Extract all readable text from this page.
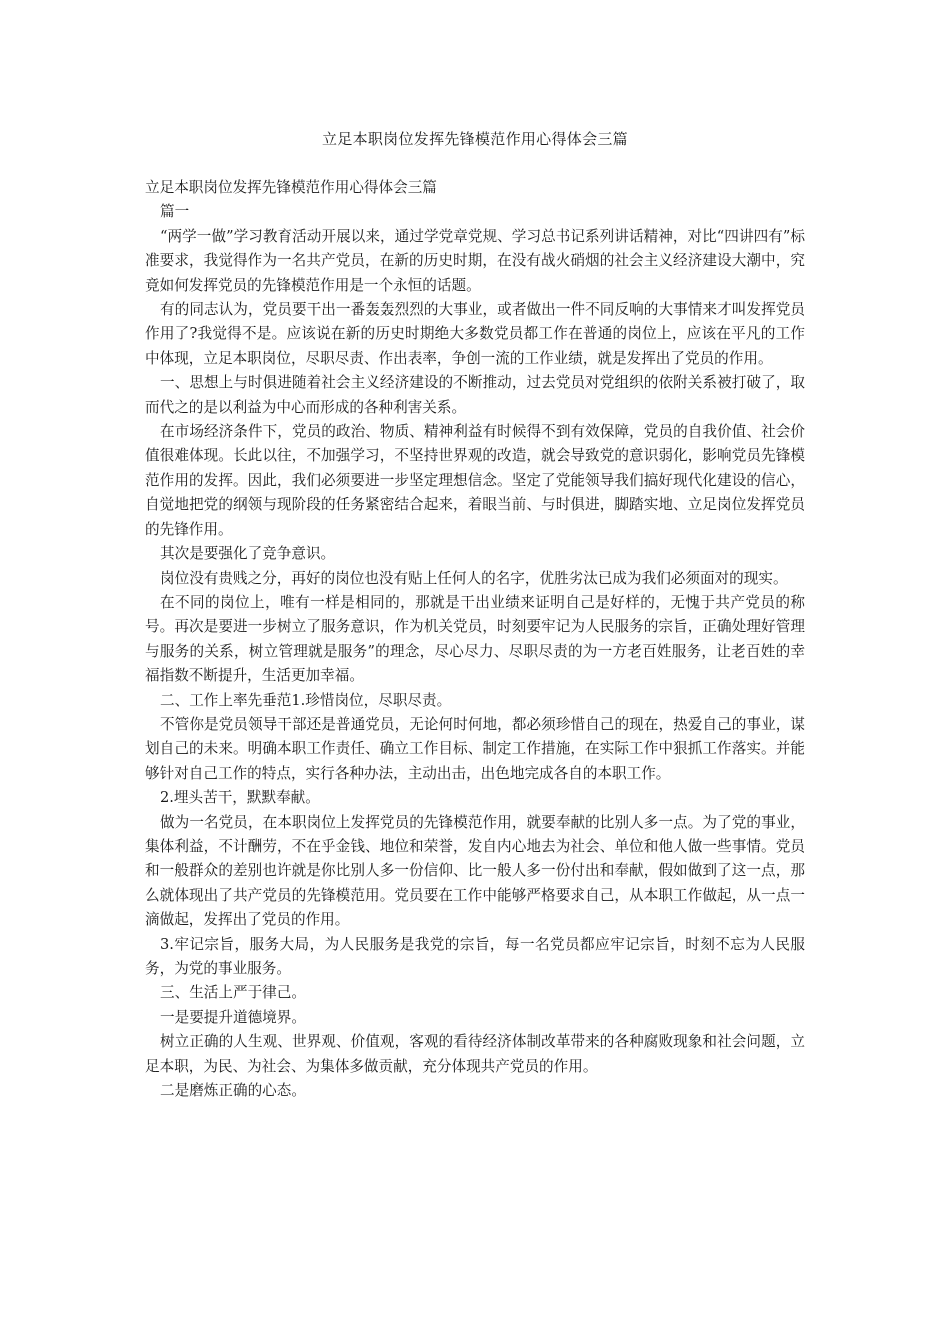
立足本职岗位发挥先锋模范作用心得体会三篇

立足本职岗位发挥先锋模范作用心得体会三篇

篇一

“两学一做”学习教育活动开展以来，通过学党章党规、学习总书记系列讲话精神，对比“四讲四有”标准要求，我觉得作为一名共产党员，在新的历史时期，在没有战火硝烟的社会主义经济建设大潮中，究竟如何发挥党员的先锋模范作用是一个永恒的话题。

有的同志认为，党员要干出一番轰轰烈烈的大事业，或者做出一件不同反响的大事情来才叫发挥党员作用了?我觉得不是。应该说在新的历史时期绝大多数党员都工作在普通的岗位上，应该在平凡的工作中体现，立足本职岗位，尽职尽责、作出表率，争创一流的工作业绩，就是发挥出了党员的作用。

一、思想上与时俱进随着社会主义经济建设的不断推动，过去党员对党组织的依附关系被打破了，取而代之的是以利益为中心而形成的各种利害关系。

在市场经济条件下，党员的政治、物质、精神利益有时候得不到有效保障，党员的自我价值、社会价值很难体现。长此以往，不加强学习，不坚持世界观的改造，就会导致党的意识弱化，影响党员先锋模范作用的发挥。因此，我们必须要进一步坚定理想信念。坚定了党能领导我们搞好现代化建设的信心，自觉地把党的纲领与现阶段的任务紧密结合起来，着眼当前、与时俱进，脚踏实地、立足岗位发挥党员的先锋作用。

其次是要强化了竞争意识。

岗位没有贵贱之分，再好的岗位也没有贴上任何人的名字，优胜劣汰已成为我们必须面对的现实。

在不同的岗位上，唯有一样是相同的，那就是干出业绩来证明自己是好样的，无愧于共产党员的称号。再次是要进一步树立了服务意识，作为机关党员，时刻要牢记为人民服务的宗旨，正确处理好管理与服务的关系，树立管理就是服务”的理念，尽心尽力、尽职尽责的为一方老百姓服务，让老百姓的幸福指数不断提升，生活更加幸福。

二、工作上率先垂范1.珍惜岗位，尽职尽责。

不管你是党员领导干部还是普通党员，无论何时何地，都必须珍惜自己的现在，热爱自己的事业，谋划自己的未来。明确本职工作责任、确立工作目标、制定工作措施，在实际工作中狠抓工作落实。并能够针对自己工作的特点，实行各种办法，主动出击，出色地完成各自的本职工作。

2.埋头苦干，默默奉献。

做为一名党员，在本职岗位上发挥党员的先锋模范作用，就要奉献的比别人多一点。为了党的事业，集体利益，不计酬劳，不在乎金钱、地位和荣誉，发自内心地去为社会、单位和他人做一些事情。党员和一般群众的差别也许就是你比别人多一份信仰、比一般人多一份付出和奉献，假如做到了这一点，那么就体现出了共产党员的先锋模范用。党员要在工作中能够严格要求自己，从本职工作做起，从一点一滴做起，发挥出了党员的作用。

3.牢记宗旨，服务大局，为人民服务是我党的宗旨，每一名党员都应牢记宗旨，时刻不忘为人民服务，为党的事业服务。

三、生活上严于律己。

一是要提升道德境界。

树立正确的人生观、世界观、价值观，客观的看待经济体制改革带来的各种腐败现象和社会问题，立足本职，为民、为社会、为集体多做贡献，充分体现共产党员的作用。

二是磨炼正确的心态。
